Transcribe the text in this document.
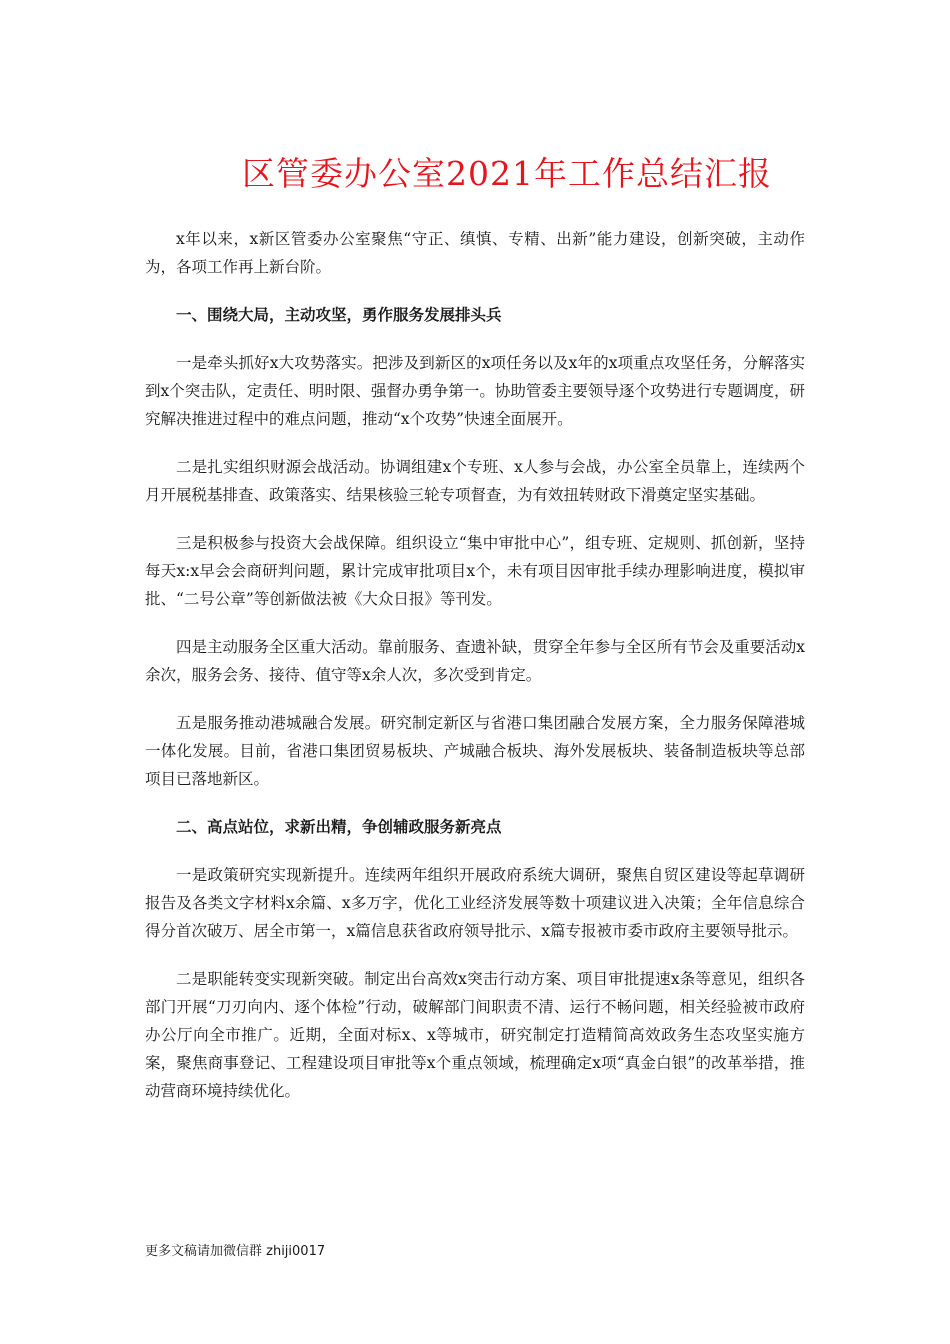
区管委办公室2021年工作总结汇报

x年以来，x新区管委办公室聚焦“守正、缜慎、专精、出新”能力建设，创新突破，主动作为，各项工作再上新台阶。

一、围绕大局，主动攻坚，勇作服务发展排头兵

一是牵头抓好x大攻势落实。把涉及到新区的x项任务以及x年的x项重点攻坚任务，分解落实到x个突击队，定责任、明时限、强督办勇争第一。协助管委主要领导逐个攻势进行专题调度，研究解决推进过程中的难点问题，推动“x个攻势”快速全面展开。

二是扎实组织财源会战活动。协调组建x个专班、x人参与会战，办公室全员靠上，连续两个月开展税基排查、政策落实、结果核验三轮专项督查，为有效扭转财政下滑奠定坚实基础。

三是积极参与投资大会战保障。组织设立“集中审批中心”，组专班、定规则、抓创新，坚持每天x:x早会会商研判问题，累计完成审批项目x个，未有项目因审批手续办理影响进度，模拟审批、“二号公章”等创新做法被《大众日报》等刊发。

四是主动服务全区重大活动。靠前服务、查遗补缺，贯穿全年参与全区所有节会及重要活动x余次，服务会务、接待、值守等x余人次，多次受到肯定。

五是服务推动港城融合发展。研究制定新区与省港口集团融合发展方案，全力服务保障港城一体化发展。目前，省港口集团贸易板块、产城融合板块、海外发展板块、装备制造板块等总部项目已落地新区。

二、高点站位，求新出精，争创辅政服务新亮点

一是政策研究实现新提升。连续两年组织开展政府系统大调研，聚焦自贸区建设等起草调研报告及各类文字材料x余篇、x多万字，优化工业经济发展等数十项建议进入决策；全年信息综合得分首次破万、居全市第一，x篇信息获省政府领导批示、x篇专报被市委市政府主要领导批示。

二是职能转变实现新突破。制定出台高效x突击行动方案、项目审批提速x条等意见，组织各部门开展“刀刃向内、逐个体检”行动，破解部门间职责不清、运行不畅问题，相关经验被市政府办公厅向全市推广。近期，全面对标x、x等城市，研究制定打造精简高效政务生态攻坚实施方案，聚焦商事登记、工程建设项目审批等x个重点领域，梳理确定x项“真金白银”的改革举措，推动营商环境持续优化。

更多文稿请加微信群 zhiji0017
